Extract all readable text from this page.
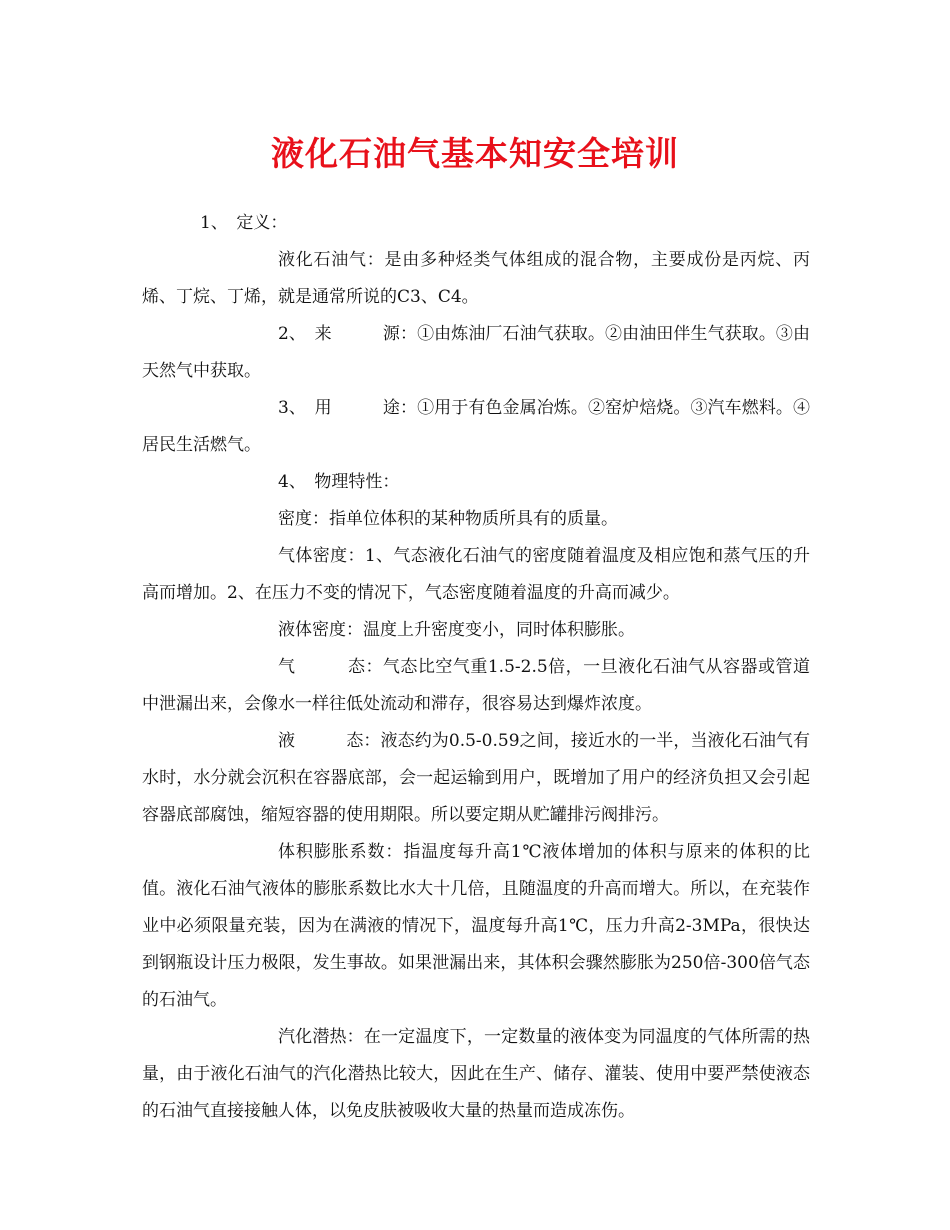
液化石油气基本知安全培训

1、　定义：

液化石油气：是由多种烃类气体组成的混合物，主要成份是丙烷、丙烯、丁烷、丁烯，就是通常所说的C3、C4。

2、　来　　　源：①由炼油厂石油气获取。②由油田伴生气获取。③由天然气中获取。

3、　用　　　途：①用于有色金属冶炼。②窑炉焙烧。③汽车燃料。④居民生活燃气。

4、　物理特性：

密度：指单位体积的某种物质所具有的质量。

气体密度：1、气态液化石油气的密度随着温度及相应饱和蒸气压的升高而增加。2、在压力不变的情况下，气态密度随着温度的升高而减少。

液体密度：温度上升密度变小，同时体积膨胀。

气　　　态：气态比空气重1.5-2.5倍，一旦液化石油气从容器或管道中泄漏出来，会像水一样往低处流动和滞存，很容易达到爆炸浓度。

液　　　态：液态约为0.5-0.59之间，接近水的一半，当液化石油气有水时，水分就会沉积在容器底部，会一起运输到用户，既增加了用户的经济负担又会引起容器底部腐蚀，缩短容器的使用期限。所以要定期从贮罐排污阀排污。

体积膨胀系数：指温度每升高1℃液体增加的体积与原来的体积的比值。液化石油气液体的膨胀系数比水大十几倍，且随温度的升高而增大。所以，在充装作业中必须限量充装，因为在满液的情况下，温度每升高1℃，压力升高2-3MPa，很快达到钢瓶设计压力极限，发生事故。如果泄漏出来，其体积会骤然膨胀为250倍-300倍气态的石油气。

汽化潜热：在一定温度下，一定数量的液体变为同温度的气体所需的热量，由于液化石油气的汽化潜热比较大，因此在生产、储存、灌装、使用中要严禁使液态的石油气直接接触人体，以免皮肤被吸收大量的热量而造成冻伤。
